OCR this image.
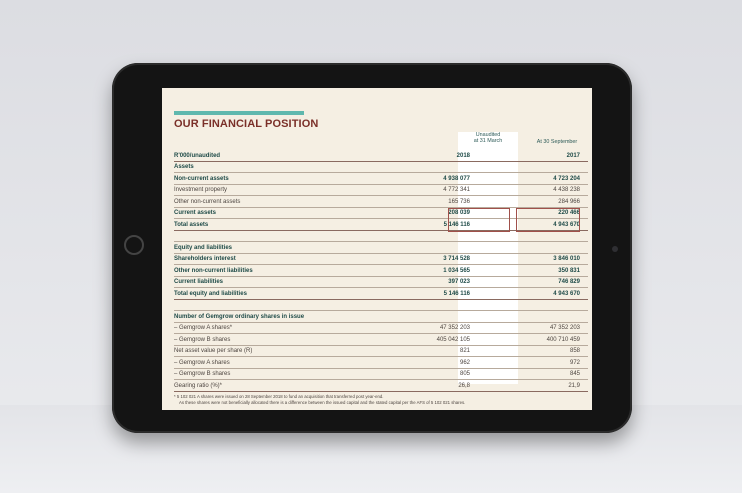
OUR FINANCIAL POSITION
Unaudited
at 31 March	At 30 September
R'000/unaudited	2018	2017
Assets
Non-current assets	4 938 077	4 723 204
Investment property	4 772 341	4 438 238
Other non-current assets	165 736	284 966
Current assets	208 039	220 466
Total assets	5 146 116	4 943 670
Equity and liabilities
Shareholders interest	3 714 528	3 846 010
Other non-current liabilities	1 034 565	350 831
Current liabilities	397 023	746 829
Total equity and liabilities	5 146 116	4 943 670
Number of Gemgrow ordinary shares in issue
– Gemgrow A shares*	47 352 203	47 352 203
– Gemgrow B shares	405 042 105	400 710 459
Net asset value per share (R)	821	858
– Gemgrow A shares	962	972
– Gemgrow B shares	805	845
Gearing ratio (%)*	26,8	21,9
* 5 102 021 A shares were issued on 28 September 2018 to fund an acquisition that transferred post year-end.
As these shares were not beneficially allocated there is a difference between the issued capital and the stated capital per the AFS of 5 102 021 shares.
